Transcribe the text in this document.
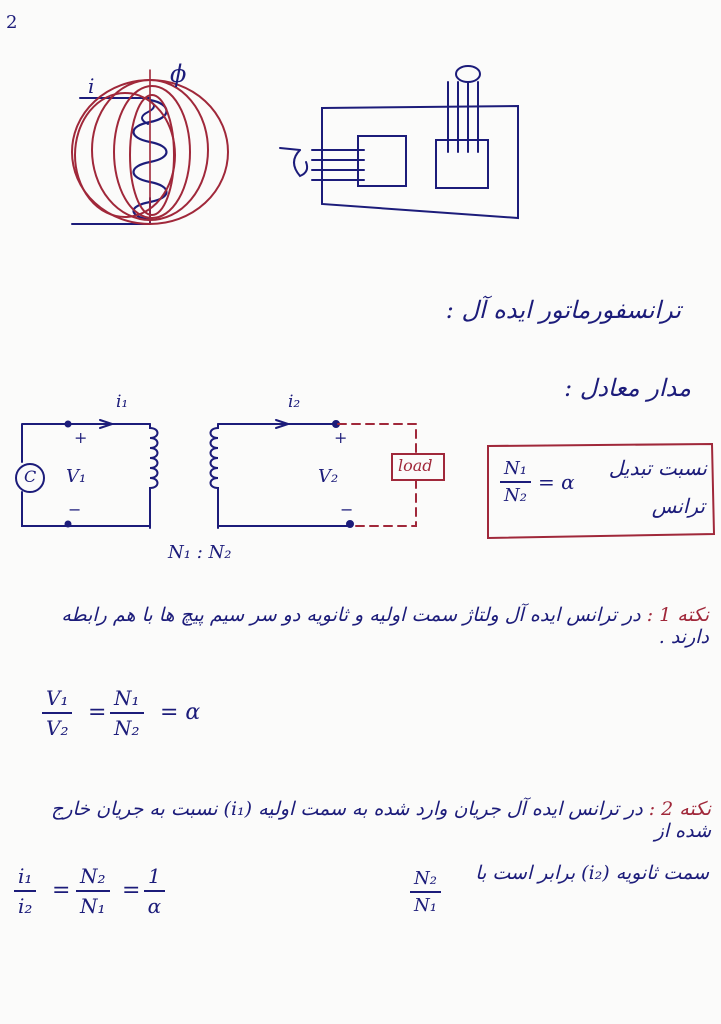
2
i	ϕ
ترانسفورماتور ایده آل :
مدار معادل :
i₁	i₂
+
−
+
−
C V₁	V₂
load
N₁ : N₂
$\frac{\text{N₁}}{\text{N₂}} = \alpha$
نسبت تبدیل
ترانس
نکته 1 : در ترانس ایده آل ولتاژ سمت اولیه و ثانویه دو سر سیم پیچ ها با هم رابطه دارند .
$\frac{\text{V₁}}{\text{V₂}} = \frac{\text{N₁}}{\text{N₂}} = \alpha$
نکته 2 : در ترانس ایده آل جریان وارد شده به سمت اولیه (i₁) نسبت به جریان خارج شده از
سمت ثانویه (i₂) برابر است با
$\frac{\text{N₂}}{\text{N₁}}$
$\frac{\text{i₁}}{\text{i₂}} = \frac{\text{N₂}}{\text{N₁}} = \frac{1}{\alpha}$
